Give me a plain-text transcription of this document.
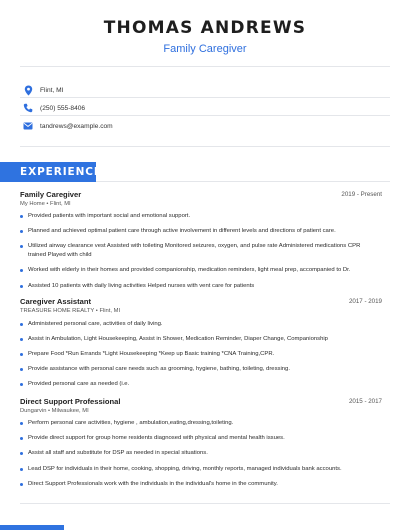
THOMAS ANDREWS
Family Caregiver
Flint, MI
(250) 555-8406
tandrews@example.com
EXPERIENCE
Family Caregiver	2019 - Present
My Home • Flint, MI
Provided patients with important social and emotional support.
Planned and achieved optimal patient care through active involvement in different levels and directions of patient care.
Utilized airway clearance vest Assisted with toileting Monitored seizures, oxygen, and pulse rate Administered medications CPR trained Played with child
Worked with elderly in their homes and provided companionship, medication reminders, light meal prep, accompanied to Dr.
Assisted 10 patients with daily living activities Helped nurses with vent care for patients
Caregiver Assistant	2017 - 2019
TREASURE HOME REALTY • Flint, MI
Administered personal care, activities of daily living.
Assist in Ambulation, Light Housekeeping, Assist in Shower, Medication Reminder, Diaper Change, Companionship
Prepare Food *Run Errands *Light Housekeeping *Keep up Basic training *CNA Training,CPR.
Provide assistance with personal care needs such as grooming, hygiene, bathing, toileting, dressing.
Provided personal care as needed (i.e.
Direct Support Professional	2015 - 2017
Dungarvin • Milwaukee, MI
Perform personal care activities, hygiene , ambulation,eating,dressing,toileting.
Provide direct support for group home residents diagnosed with physical and mental health issues.
Assist all staff and substitute for DSP as needed in special situations.
Lead DSP for individuals in their home, cooking, shopping, driving, monthly reports, managed individuals bank accounts.
Direct Support Professionals work with the individuals in the individual's home in the community.
